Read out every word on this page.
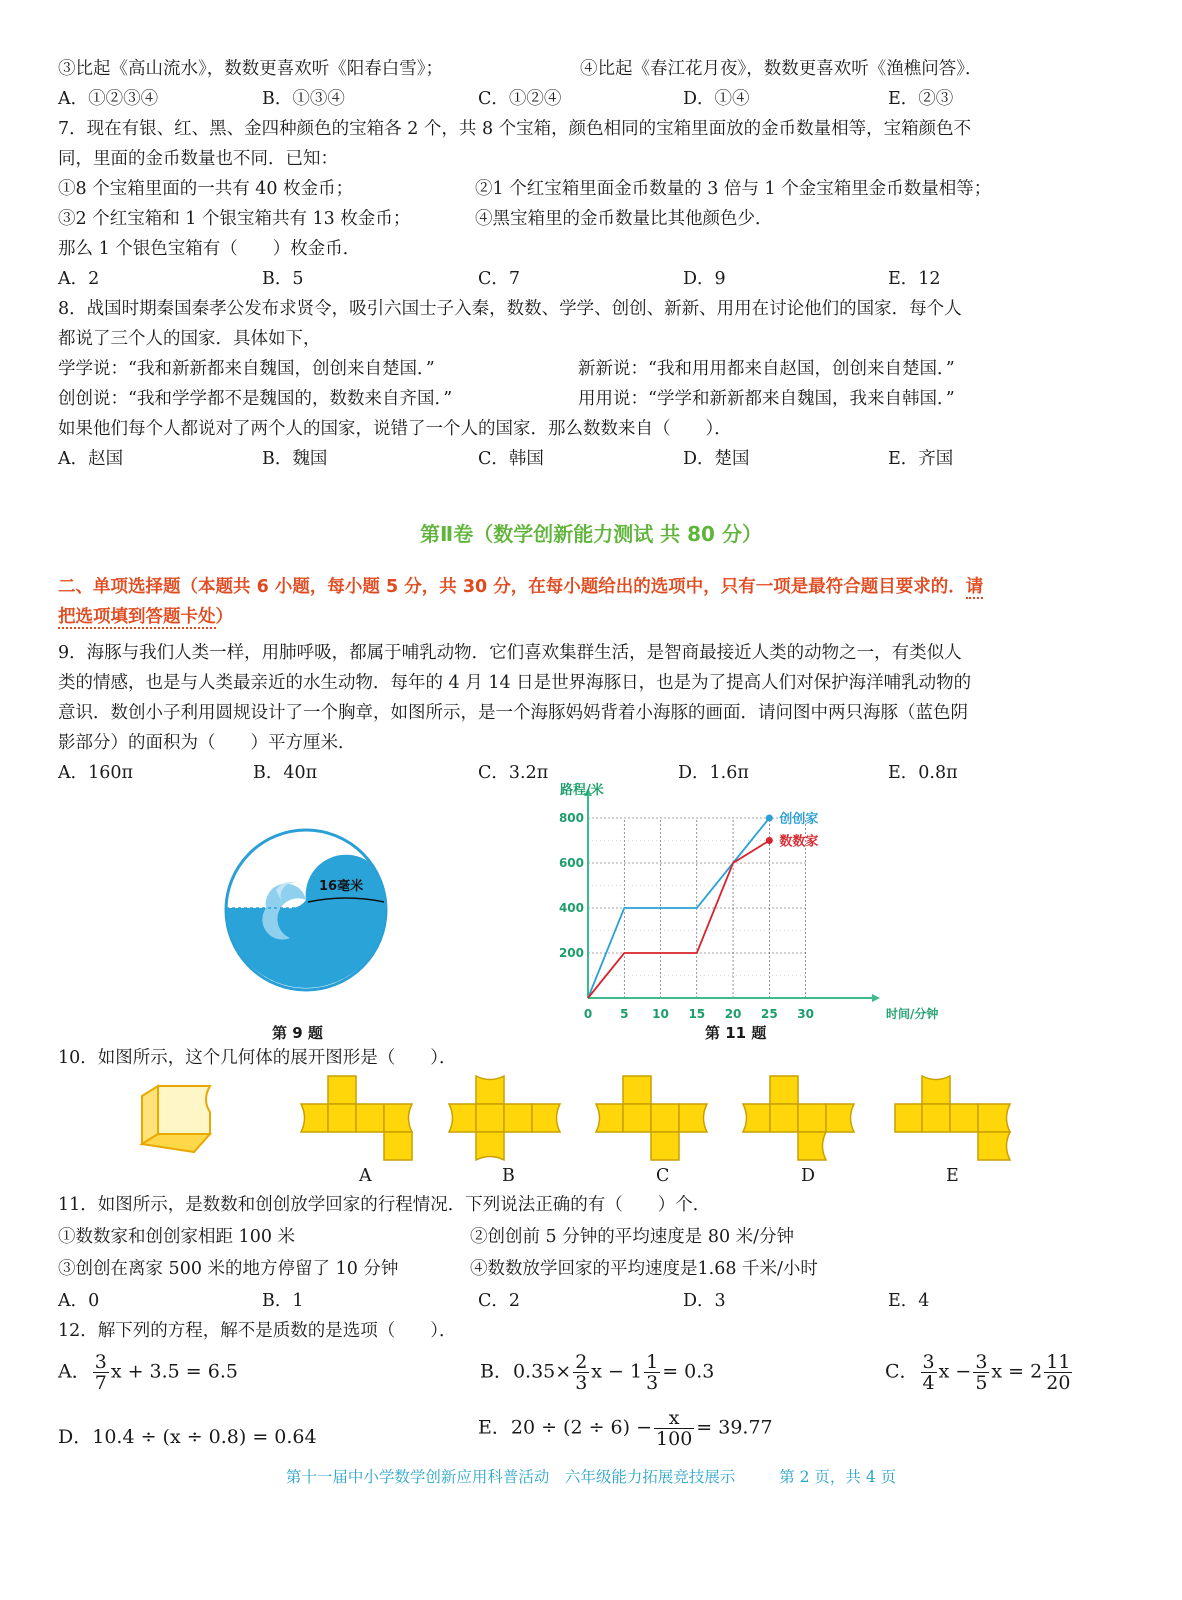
③比起《高山流水》，数数更喜欢听《阳春白雪》；	④比起《春江花月夜》，数数更喜欢听《渔樵问答》．
A．①②③④	B．①③④	C．①②④	D．①④	E．②③
7．现在有银、红、黑、金四种颜色的宝箱各 2 个，共 8 个宝箱，颜色相同的宝箱里面放的金币数量相等，宝箱颜色不
同，里面的金币数量也不同．已知：
①8 个宝箱里面的一共有 40 枚金币；	②1 个红宝箱里面金币数量的 3 倍与 1 个金宝箱里金币数量相等；
③2 个红宝箱和 1 个银宝箱共有 13 枚金币；	④黑宝箱里的金币数量比其他颜色少．
那么 1 个银色宝箱有（　　）枚金币．
A．2	B．5	C．7	D．9	E．12
8．战国时期秦国秦孝公发布求贤令，吸引六国士子入秦，数数、学学、创创、新新、用用在讨论他们的国家．每个人
都说了三个人的国家．具体如下，
学学说：“我和新新都来自魏国，创创来自楚国．”	新新说：“我和用用都来自赵国，创创来自楚国．”
创创说：“我和学学都不是魏国的，数数来自齐国．”	用用说：“学学和新新都来自魏国，我来自韩国．”
如果他们每个人都说对了两个人的国家，说错了一个人的国家．那么数数来自（　　）．
A．赵国	B．魏国	C．韩国	D．楚国	E．齐国
第Ⅱ卷（数学创新能力测试 共 80 分）
二、单项选择题（本题共 6 小题，每小题 5 分，共 30 分，在每小题给出的选项中，只有一项是最符合题目要求的．请
把选项填到答题卡处）
9．海豚与我们人类一样，用肺呼吸，都属于哺乳动物．它们喜欢集群生活，是智商最接近人类的动物之一，有类似人
类的情感，也是与人类最亲近的水生动物．每年的 4 月 14 日是世界海豚日，也是为了提高人们对保护海洋哺乳动物的
意识．数创小子利用圆规设计了一个胸章，如图所示，是一个海豚妈妈背着小海豚的画面．请问图中两只海豚（蓝色阴
影部分）的面积为（　　）平方厘米．
A．160π	B．40π	C．3.2π	D．1.6π	E．0.8π
16毫米
第 9 题
路程/米
时间/分钟
0 5 10 15 20 25 30
200
400
600
800	创创家
数数家
第 11 题
10．如图所示，这个几何体的展开图形是（　　）．
A	B	C	D	E
11．如图所示，是数数和创创放学回家的行程情况．下列说法正确的有（　　）个．
①数数家和创创家相距 100 米	②创创前 5 分钟的平均速度是 80 米/分钟
③创创在离家 500 米的地方停留了 10 分钟	④数数放学回家的平均速度是1.68 千米/小时
A．0	B．1	C．2	D．3	E．4
12．解下列的方程，解不是质数的是选项（　　）．
A． $\frac{3}{7}$ x + 3.5 = 6.5	B．$0.35\times \frac{2}{3}$ $x - 1 \frac{1}{3} = 0.3$	C． $\frac{3}{4}$ $x - \frac{3}{5}$ $x = 2 \frac{11}{20}$
D．10.4 ÷ (x ÷ 0.8) = 0.64	E．$20 \div (2 \div 6) - \frac{x}{100} = 39.77$
第十一届中小学数学创新应用科普活动　六年级能力拓展竞技展示	第 2 页，共 4 页
